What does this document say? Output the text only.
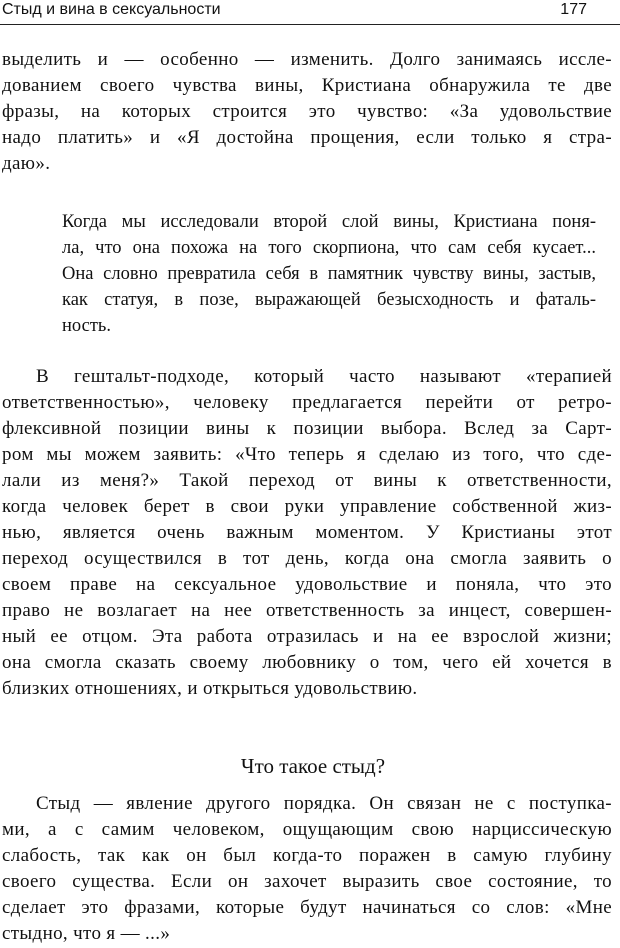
Стыд и вина в сексуальности	177
выделить и — особенно — изменить. Долго занимаясь иссле-
дованием своего чувства вины, Кристиана обнаружила те две
фразы, на которых строится это чувство: «За удовольствие
надо платить» и «Я достойна прощения, если только я стра-
даю».
Когда мы исследовали второй слой вины, Кристиана поня-
ла, что она похожа на того скорпиона, что сам себя кусает...
Она словно превратила себя в памятник чувству вины, застыв,
как статуя, в позе, выражающей безысходность и фаталь-
ность.
В гештальт-подходе, который часто называют «терапией
ответственностью», человеку предлагается перейти от ретро-
флексивной позиции вины к позиции выбора. Вслед за Сарт-
ром мы можем заявить: «Что теперь я сделаю из того, что сде-
лали из меня?» Такой переход от вины к ответственности,
когда человек берет в свои руки управление собственной жиз-
нью, является очень важным моментом. У Кристианы этот
переход осуществился в тот день, когда она смогла заявить о
своем праве на сексуальное удовольствие и поняла, что это
право не возлагает на нее ответственность за инцест, совершен-
ный ее отцом. Эта работа отразилась и на ее взрослой жизни;
она смогла сказать своему любовнику о том, чего ей хочется в
близких отношениях, и открыться удовольствию.
Что такое стыд?
Стыд — явление другого порядка. Он связан не с поступка-
ми, а с самим человеком, ощущающим свою нарциссическую
слабость, так как он был когда-то поражен в самую глубину
своего существа. Если он захочет выразить свое состояние, то
сделает это фразами, которые будут начинаться со слов: «Мне
стыдно, что я — ...»
